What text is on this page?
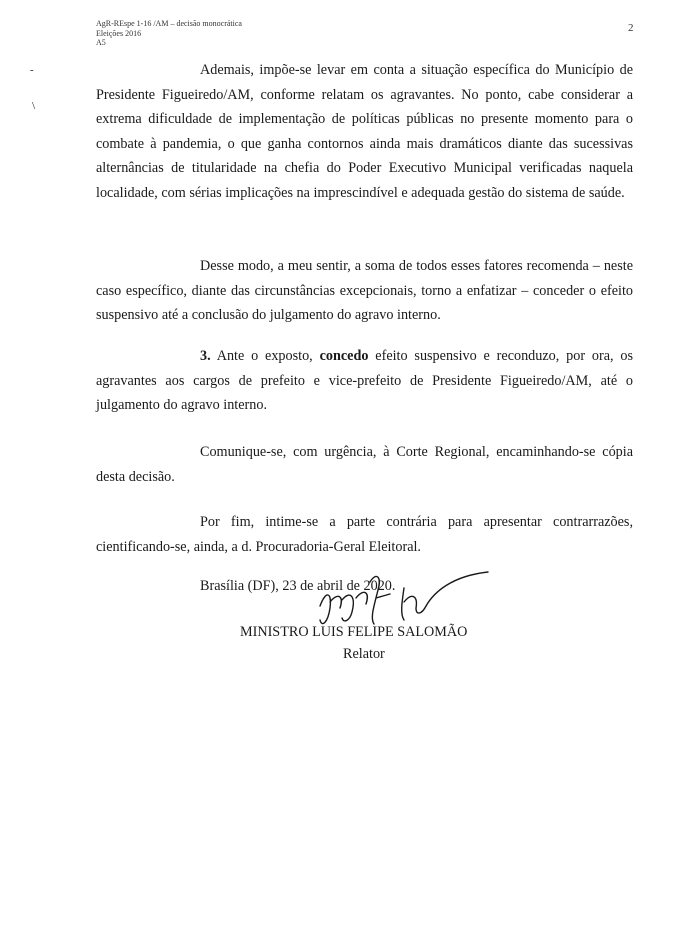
AgR-REspe 1-16 /AM – decisão monocrática
Eleições 2016
A5
2
-
\

Ademais, impõe-se levar em conta a situação específica do Município de Presidente Figueiredo/AM, conforme relatam os agravantes. No ponto, cabe considerar a extrema dificuldade de implementação de políticas públicas no presente momento para o combate à pandemia, o que ganha contornos ainda mais dramáticos diante das sucessivas alternâncias de titularidade na chefia do Poder Executivo Municipal verificadas naquela localidade, com sérias implicações na imprescindível e adequada gestão do sistema de saúde.

Desse modo, a meu sentir, a soma de todos esses fatores recomenda – neste caso específico, diante das circunstâncias excepcionais, torno a enfatizar – conceder o efeito suspensivo até a conclusão do julgamento do agravo interno.

3. Ante o exposto, concedo efeito suspensivo e reconduzo, por ora, os agravantes aos cargos de prefeito e vice-prefeito de Presidente Figueiredo/AM, até o julgamento do agravo interno.

Comunique-se, com urgência, à Corte Regional, encaminhando-se cópia desta decisão.

Por fim, intime-se a parte contrária para apresentar contrarrazões, cientificando-se, ainda, a d. Procuradoria-Geral Eleitoral.

Brasília (DF), 23 de abril de 2020.
MINISTRO LUIS FELIPE SALOMÃO
Relator
